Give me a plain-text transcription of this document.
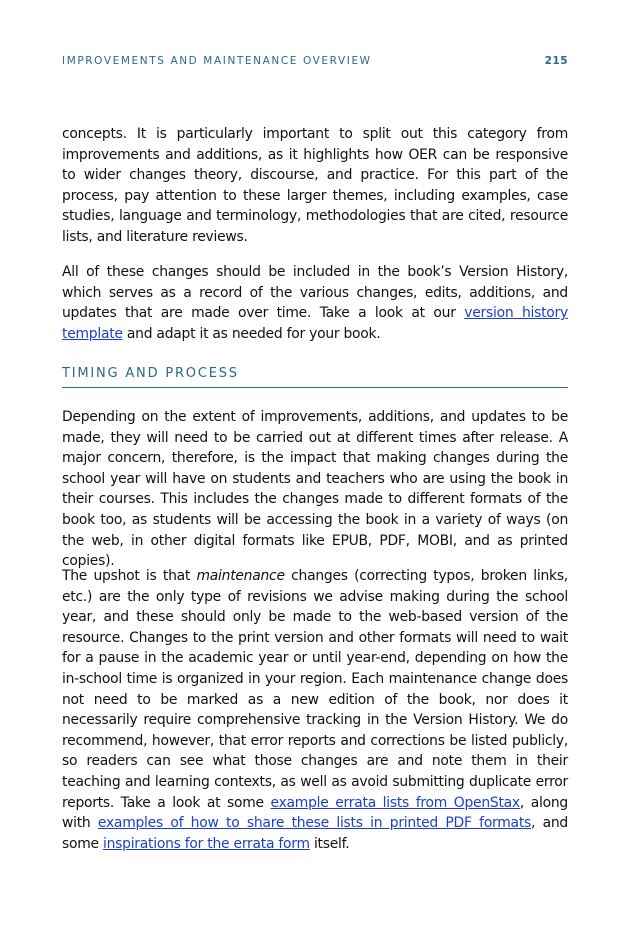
IMPROVEMENTS AND MAINTENANCE OVERVIEW	215

concepts. It is particularly important to split out this category from improvements and additions, as it highlights how OER can be responsive to wider changes theory, discourse, and practice. For this part of the process, pay attention to these larger themes, including examples, case studies, language and terminology, methodologies that are cited, resource lists, and literature reviews.

All of these changes should be included in the book’s Version History, which serves as a record of the various changes, edits, additions, and updates that are made over time. Take a look at our version history template and adapt it as needed for your book.

TIMING AND PROCESS

Depending on the extent of improvements, additions, and updates to be made, they will need to be carried out at different times after release. A major concern, therefore, is the impact that making changes during the school year will have on students and teachers who are using the book in their courses. This includes the changes made to different formats of the book too, as students will be accessing the book in a variety of ways (on the web, in other digital formats like EPUB, PDF, MOBI, and as printed copies).

The upshot is that maintenance changes (correcting typos, broken links, etc.) are the only type of revisions we advise making during the school year, and these should only be made to the web-based version of the resource. Changes to the print version and other formats will need to wait for a pause in the academic year or until year-end, depending on how the in-school time is organized in your region. Each maintenance change does not need to be marked as a new edition of the book, nor does it necessarily require comprehensive tracking in the Version History. We do recommend, however, that error reports and corrections be listed publicly, so readers can see what those changes are and note them in their teaching and learning contexts, as well as avoid submitting duplicate error reports. Take a look at some example errata lists from OpenStax, along with examples of how to share these lists in printed PDF formats, and some inspirations for the errata form itself.
